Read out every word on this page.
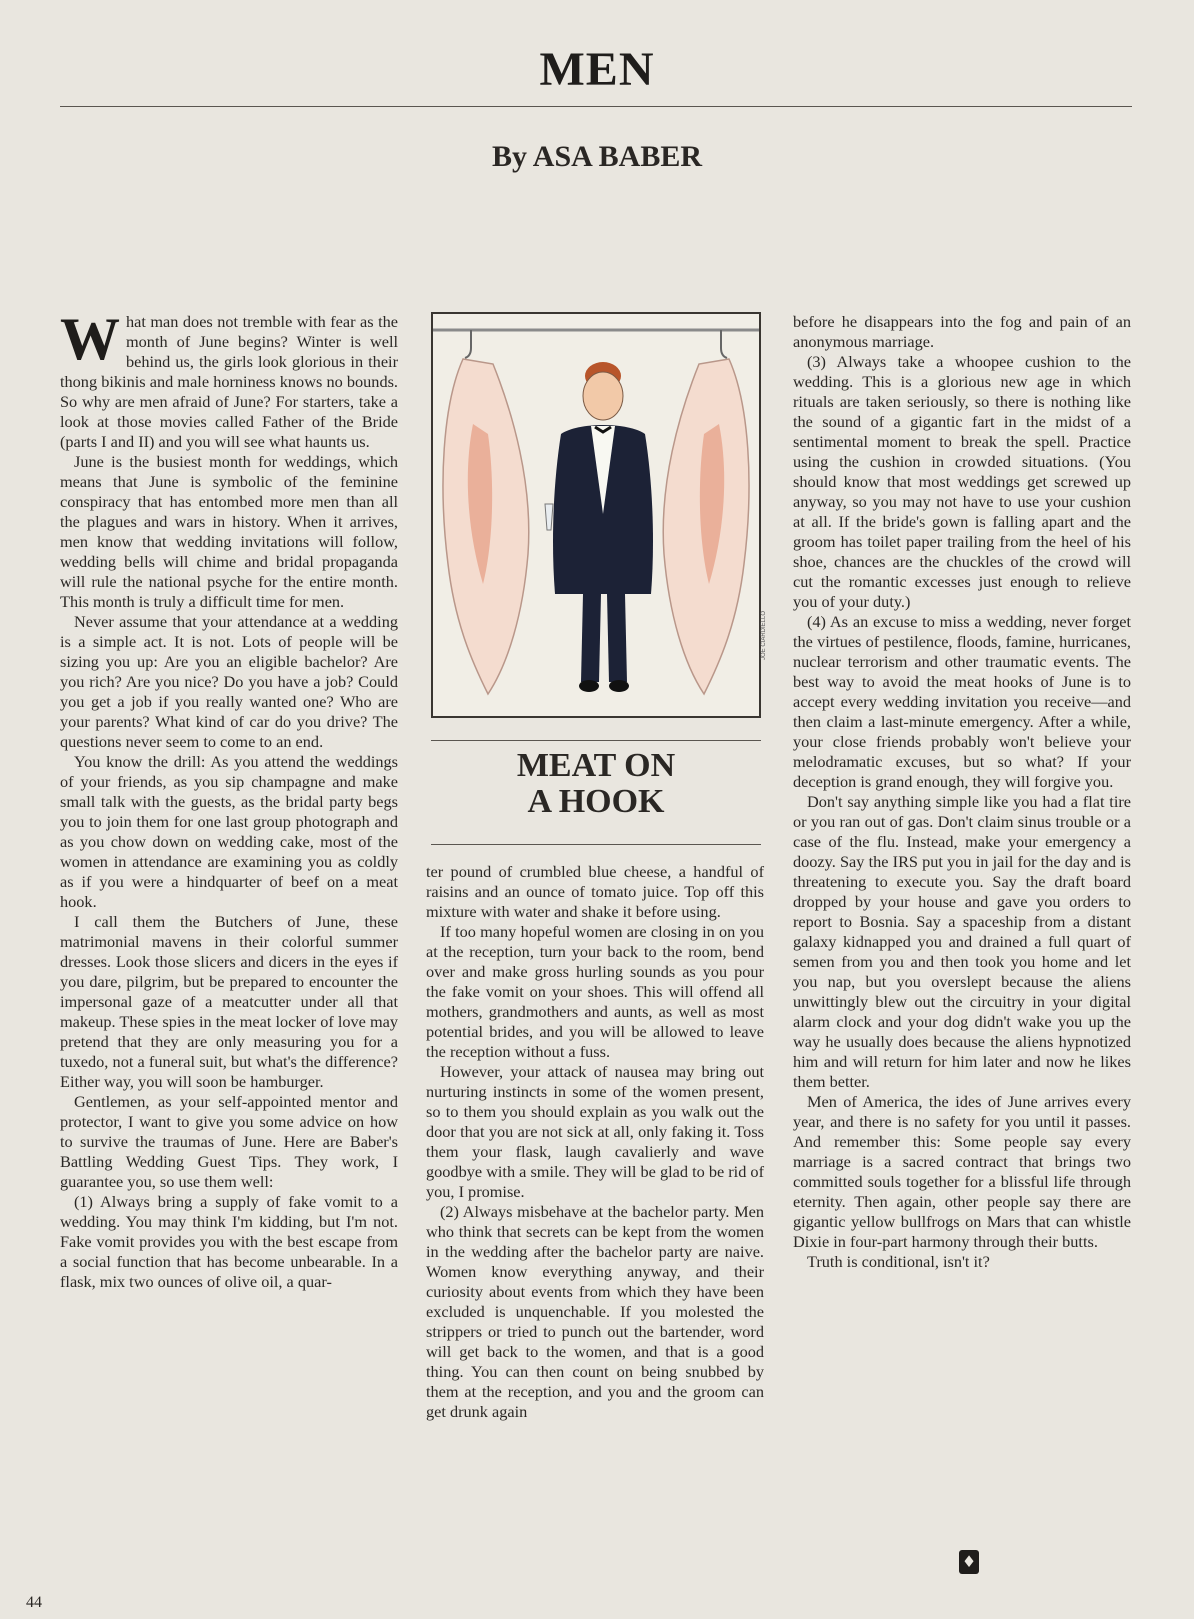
MEN
By ASA BABER
W hat man does not tremble with fear as the month of June begins? Winter is well behind us, the girls look glorious in their thong bikinis and male horniness knows no bounds. So why are men afraid of June? For starters, take a look at those movies called Father of the Bride (parts I and II) and you will see what haunts us.

June is the busiest month for weddings, which means that June is symbolic of the feminine conspiracy that has entombed more men than all the plagues and wars in history. When it arrives, men know that wedding invitations will follow, wedding bells will chime and bridal propaganda will rule the national psyche for the entire month. This month is truly a difficult time for men.

Never assume that your attendance at a wedding is a simple act. It is not. Lots of people will be sizing you up: Are you an eligible bachelor? Are you rich? Are you nice? Do you have a job? Could you get a job if you really wanted one? Who are your parents? What kind of car do you drive? The questions never seem to come to an end.

You know the drill: As you attend the weddings of your friends, as you sip champagne and make small talk with the guests, as the bridal party begs you to join them for one last group photograph and as you chow down on wedding cake, most of the women in attendance are examining you as coldly as if you were a hindquarter of beef on a meat hook.

I call them the Butchers of June, these matrimonial mavens in their colorful summer dresses. Look those slicers and dicers in the eyes if you dare, pilgrim, but be prepared to encounter the impersonal gaze of a meatcutter under all that makeup. These spies in the meat locker of love may pretend that they are only measuring you for a tuxedo, not a funeral suit, but what's the difference? Either way, you will soon be hamburger.

Gentlemen, as your self-appointed mentor and protector, I want to give you some advice on how to survive the traumas of June. Here are Baber's Battling Wedding Guest Tips. They work, I guarantee you, so use them well:

(1) Always bring a supply of fake vomit to a wedding. You may think I'm kidding, but I'm not. Fake vomit provides you with the best escape from a social function that has become unbearable. In a flask, mix two ounces of olive oil, a quar-

JOE CIARDIELLO
MEAT ON
A HOOK

ter pound of crumbled blue cheese, a handful of raisins and an ounce of tomato juice. Top off this mixture with water and shake it before using.

If too many hopeful women are closing in on you at the reception, turn your back to the room, bend over and make gross hurling sounds as you pour the fake vomit on your shoes. This will offend all mothers, grandmothers and aunts, as well as most potential brides, and you will be allowed to leave the reception without a fuss.

However, your attack of nausea may bring out nurturing instincts in some of the women present, so to them you should explain as you walk out the door that you are not sick at all, only faking it. Toss them your flask, laugh cavalierly and wave goodbye with a smile. They will be glad to be rid of you, I promise.

(2) Always misbehave at the bachelor party. Men who think that secrets can be kept from the women in the wedding after the bachelor party are naive. Women know everything anyway, and their curiosity about events from which they have been excluded is unquenchable. If you molested the strippers or tried to punch out the bartender, word will get back to the women, and that is a good thing. You can then count on being snubbed by them at the reception, and you and the groom can get drunk again

before he disappears into the fog and pain of an anonymous marriage.

(3) Always take a whoopee cushion to the wedding. This is a glorious new age in which rituals are taken seriously, so there is nothing like the sound of a gigantic fart in the midst of a sentimental moment to break the spell. Practice using the cushion in crowded situations. (You should know that most weddings get screwed up anyway, so you may not have to use your cushion at all. If the bride's gown is falling apart and the groom has toilet paper trailing from the heel of his shoe, chances are the chuckles of the crowd will cut the romantic excesses just enough to relieve you of your duty.)

(4) As an excuse to miss a wedding, never forget the virtues of pestilence, floods, famine, hurricanes, nuclear terrorism and other traumatic events. The best way to avoid the meat hooks of June is to accept every wedding invitation you receive—and then claim a last-minute emergency. After a while, your close friends probably won't believe your melodramatic excuses, but so what? If your deception is grand enough, they will forgive you.

Don't say anything simple like you had a flat tire or you ran out of gas. Don't claim sinus trouble or a case of the flu. Instead, make your emergency a doozy. Say the IRS put you in jail for the day and is threatening to execute you. Say the draft board dropped by your house and gave you orders to report to Bosnia. Say a spaceship from a distant galaxy kidnapped you and drained a full quart of semen from you and then took you home and let you nap, but you overslept because the aliens unwittingly blew out the circuitry in your digital alarm clock and your dog didn't wake you up the way he usually does because the aliens hypnotized him and will return for him later and now he likes them better.

Men of America, the ides of June arrives every year, and there is no safety for you until it passes. And remember this: Some people say every marriage is a sacred contract that brings two committed souls together for a blissful life through eternity. Then again, other people say there are gigantic yellow bullfrogs on Mars that can whistle Dixie in four-part harmony through their butts.

Truth is conditional, isn't it?

44
♦
